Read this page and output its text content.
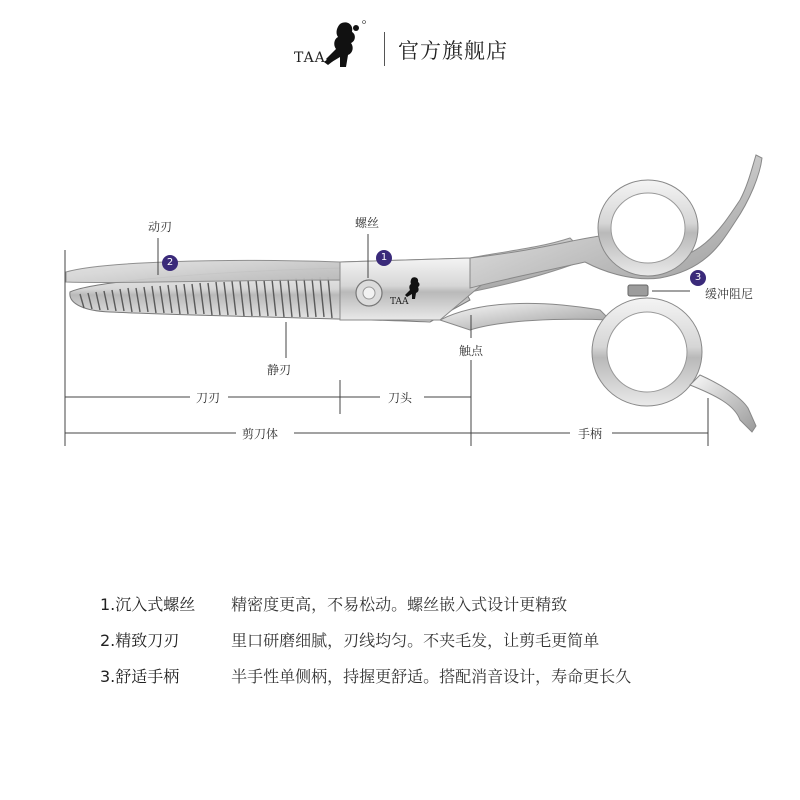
TAA	官方旗舰店
TAA
动刃
2
螺丝
1
3
缓冲阻尼
静刃
触点
刀刃	刀头
剪刀体	手柄
1.沉入式螺丝 精密度更高，不易松动。螺丝嵌入式设计更精致
2.精致刀刃	里口研磨细腻，刃线均匀。不夹毛发，让剪毛更简单
3.舒适手柄	半手性单侧柄，持握更舒适。搭配消音设计，寿命更长久
